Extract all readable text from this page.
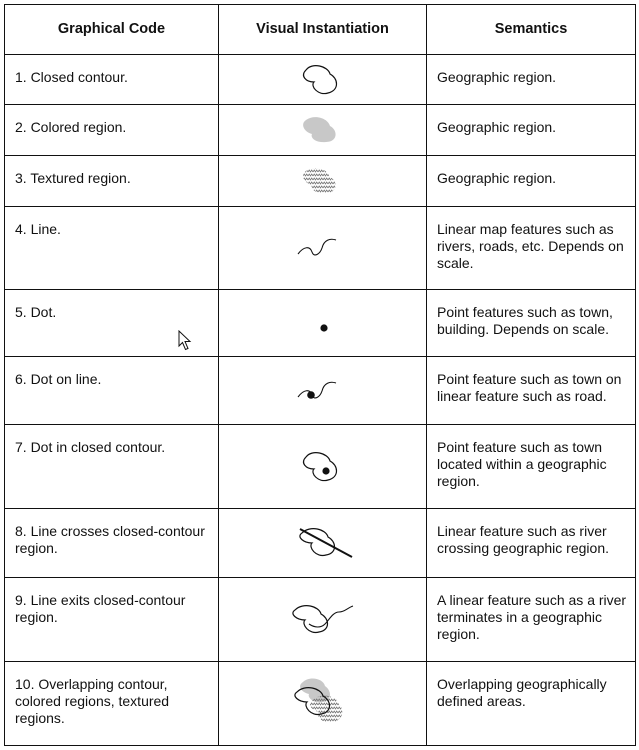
Graphical Code	Visual Instantiation	Semantics
1. Closed contour.		Geographic region.
2. Colored region.		Geographic region.
3. Textured region.		Geographic region.
4. Line.		Linear map features such as rivers, roads, etc. Depends on scale.
5. Dot.		Point features such as town, building. Depends on scale.
6. Dot on line.		Point feature such as town on linear feature such as road.
7. Dot in closed contour.		Point feature such as town located within a geographic region.
8. Line crosses closed-contour region.		Linear feature such as river crossing geographic region.
9. Line exits closed-contour region.		A linear feature such as a river terminates in a geographic region.
10. Overlapping contour, colored regions, textured regions.		Overlapping geographically defined areas.
